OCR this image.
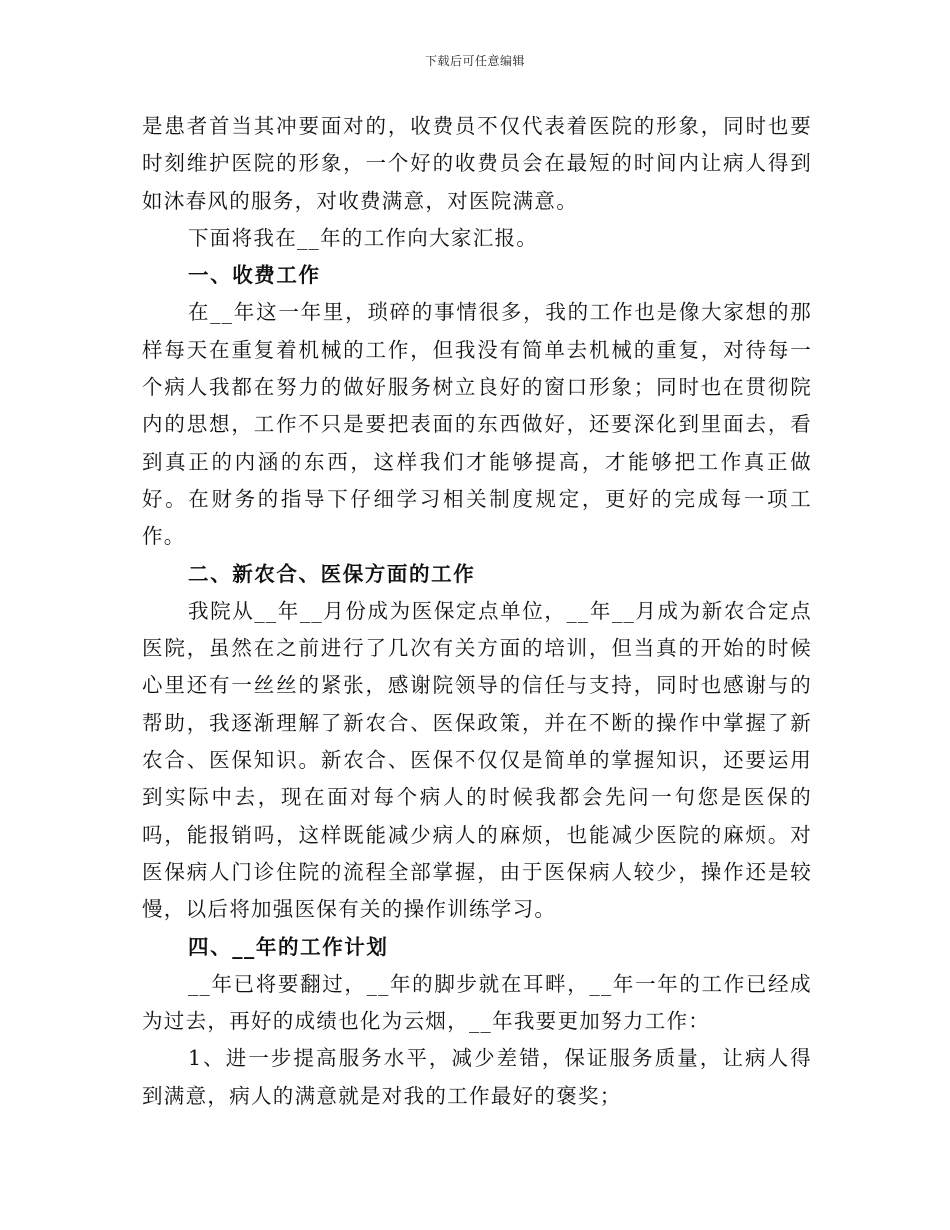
下载后可任意编辑

是患者首当其冲要面对的，收费员不仅代表着医院的形象，同时也要时刻维护医院的形象，一个好的收费员会在最短的时间内让病人得到如沐春风的服务，对收费满意，对医院满意。

下面将我在__年的工作向大家汇报。

一、收费工作

在__年这一年里，琐碎的事情很多，我的工作也是像大家想的那样每天在重复着机械的工作，但我没有简单去机械的重复，对待每一个病人我都在努力的做好服务树立良好的窗口形象；同时也在贯彻院内的思想，工作不只是要把表面的东西做好，还要深化到里面去，看到真正的内涵的东西，这样我们才能够提高，才能够把工作真正做好。在财务的指导下仔细学习相关制度规定，更好的完成每一项工作。

二、新农合、医保方面的工作

我院从__年__月份成为医保定点单位，__年__月成为新农合定点医院，虽然在之前进行了几次有关方面的培训，但当真的开始的时候心里还有一丝丝的紧张，感谢院领导的信任与支持，同时也感谢与的帮助，我逐渐理解了新农合、医保政策，并在不断的操作中掌握了新农合、医保知识。新农合、医保不仅仅是简单的掌握知识，还要运用到实际中去，现在面对每个病人的时候我都会先问一句您是医保的吗，能报销吗，这样既能减少病人的麻烦，也能减少医院的麻烦。对医保病人门诊住院的流程全部掌握，由于医保病人较少，操作还是较慢，以后将加强医保有关的操作训练学习。

四、__年的工作计划

__年已将要翻过，__年的脚步就在耳畔，__年一年的工作已经成为过去，再好的成绩也化为云烟，__年我要更加努力工作：

1、进一步提高服务水平，减少差错，保证服务质量，让病人得到满意，病人的满意就是对我的工作最好的褒奖；
